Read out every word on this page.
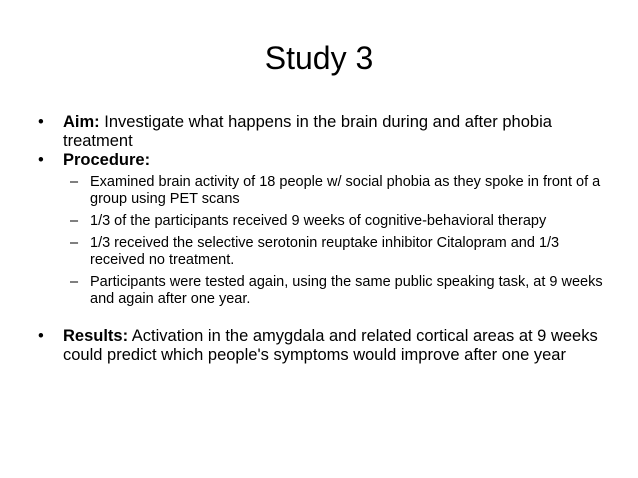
Study 3
• Aim: Investigate what happens in the brain during and after phobia treatment
• Procedure:
– Examined brain activity of 18 people w/ social phobia as they spoke in front of a group using PET scans
– 1/3 of the participants received 9 weeks of cognitive-behavioral therapy
– 1/3 received the selective serotonin reuptake inhibitor Citalopram and 1/3 received no treatment.
– Participants were tested again, using the same public speaking task, at 9 weeks and again after one year.
• Results: Activation in the amygdala and related cortical areas at 9 weeks could predict which people's symptoms would improve after one year
